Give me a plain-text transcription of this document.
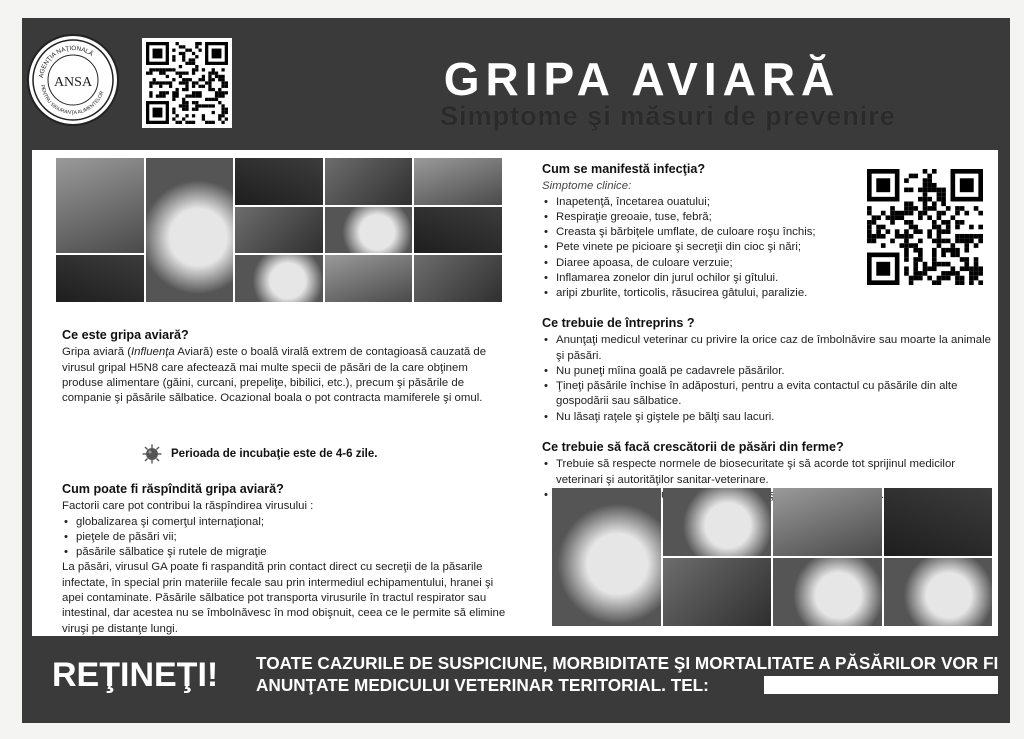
AGENŢIA NAŢIONALĂ
PENTRU SIGURANŢA ALIMENTELOR
ANSA	GRIPA AVIARĂ
Simptome şi măsuri de prevenire
Ce este gripa aviară?
Gripa aviară (Influenţa Aviară) este o boală virală extrem de contagioasă cauzată de virusul gripal H5N8 care afectează mai multe specii de păsări de la care obţinem produse alimentare (găini, curcani, prepeliţe, bibilici, etc.), precum şi păsările de companie şi păsările sălbatice. Ocazional boala o pot contracta mamiferele şi omul.
Perioada de incubaţie este de 4-6 zile.
Cum poate fi răspîndită gripa aviară?
Factorii care pot contribui la răspîndirea virusului :
• globalizarea şi comerţul internaţional;
• pieţele de păsări vii;
• păsările sălbatice şi rutele de migraţie
La păsări, virusul GA poate fi raspandită prin contact direct cu secreţii de la păsarile infectate, în special prin materiile fecale sau prin intermediul echipamentului, hranei şi apei contaminate. Păsările sălbatice pot transporta virusurile în tractul respirator sau intestinal, dar acestea nu se îmbolnăvesc în mod obişnuit, ceea ce le permite să elimine viruşi pe distanţe lungi.
Cum se manifestă infecţia?
Simptome clinice:
• Inapetenţă, încetarea ouatului;
• Respiraţie greoaie, tuse, febră;
• Creasta şi bărbiţele umflate, de culoare roşu închis;
• Pete vinete pe picioare şi secreţii din cioc şi nări;
• Diaree apoasa, de culoare verzuie;
• Inflamarea zonelor din jurul ochilor şi gîtului.
• aripi zburlite, torticolis, răsucirea gâtului, paralizie.
Ce trebuie de întreprins ?
• Anunţaţi medicul veterinar cu privire la orice caz de îmbolnăvire sau moarte la animale şi păsări.
• Nu puneţi mîina goală pe cadavrele păsărilor.
• Ţineţi păsările închise în adăposturi, pentru a evita contactul cu păsările din alte gospodării sau sălbatice.
• Nu lăsaţi raţele şi giştele pe bălţi sau lacuri.
Ce trebuie să facă crescătorii de păsări din ferme?
• Trebuie să respecte normele de biosecuritate şi să acorde tot sprijinul medicilor veterinari şi autorităţilor sanitar-veterinare.
•
REŢINEŢI! TOATE CAZURILE DE SUSPICIUNE, MORBIDITATE ŞI MORTALITATE A PĂSĂRILOR VOR FI ANUNŢATE MEDICULUI VETERINAR TERITORIAL. TEL:
